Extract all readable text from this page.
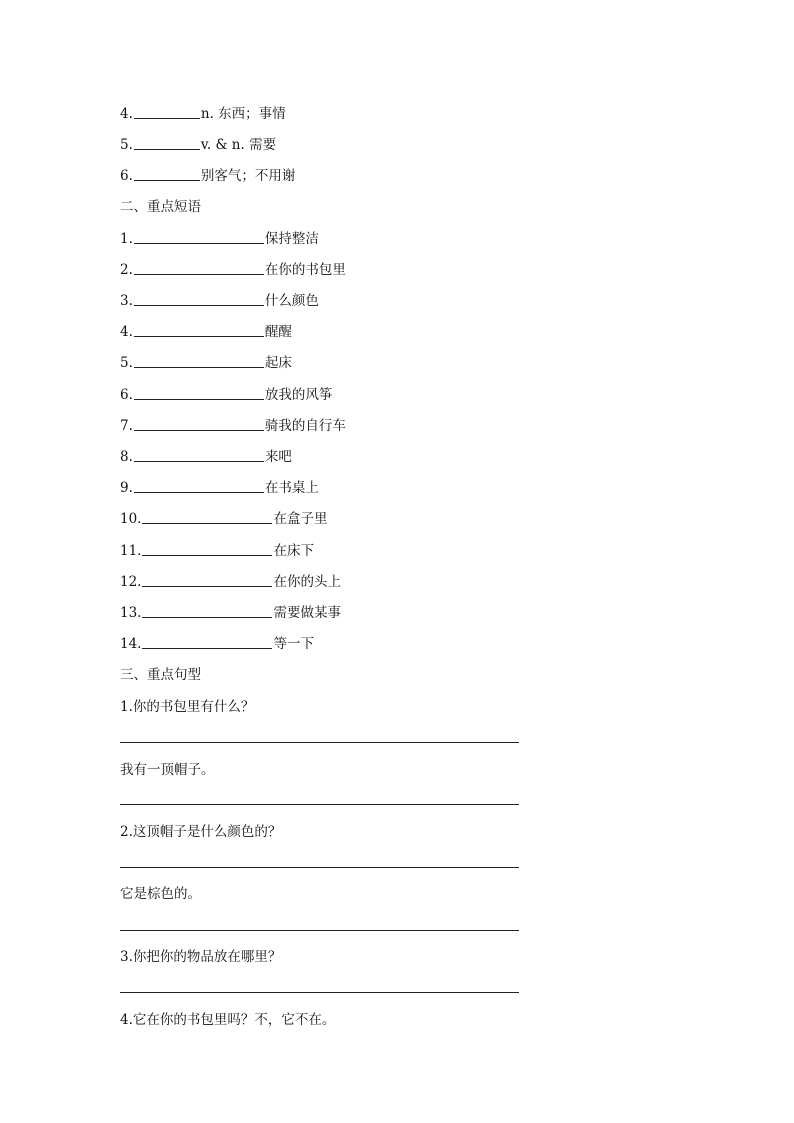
4.	n. 东西；事情
5.	v. & n. 需要
6.	别客气；不用谢
二、重点短语
1.	保持整洁
2.	在你的书包里
3.	什么颜色
4.	醒醒
5.	起床
6.	放我的风筝
7.	骑我的自行车
8.	来吧
9.	在书桌上
10.	在盒子里
11.	在床下
12.	在你的头上
13.	需要做某事
14.	等一下
三、重点句型
1.你的书包里有什么？
我有一顶帽子。
2.这顶帽子是什么颜色的？
它是棕色的。
3.你把你的物品放在哪里？
4.它在你的书包里吗？不，它不在。
